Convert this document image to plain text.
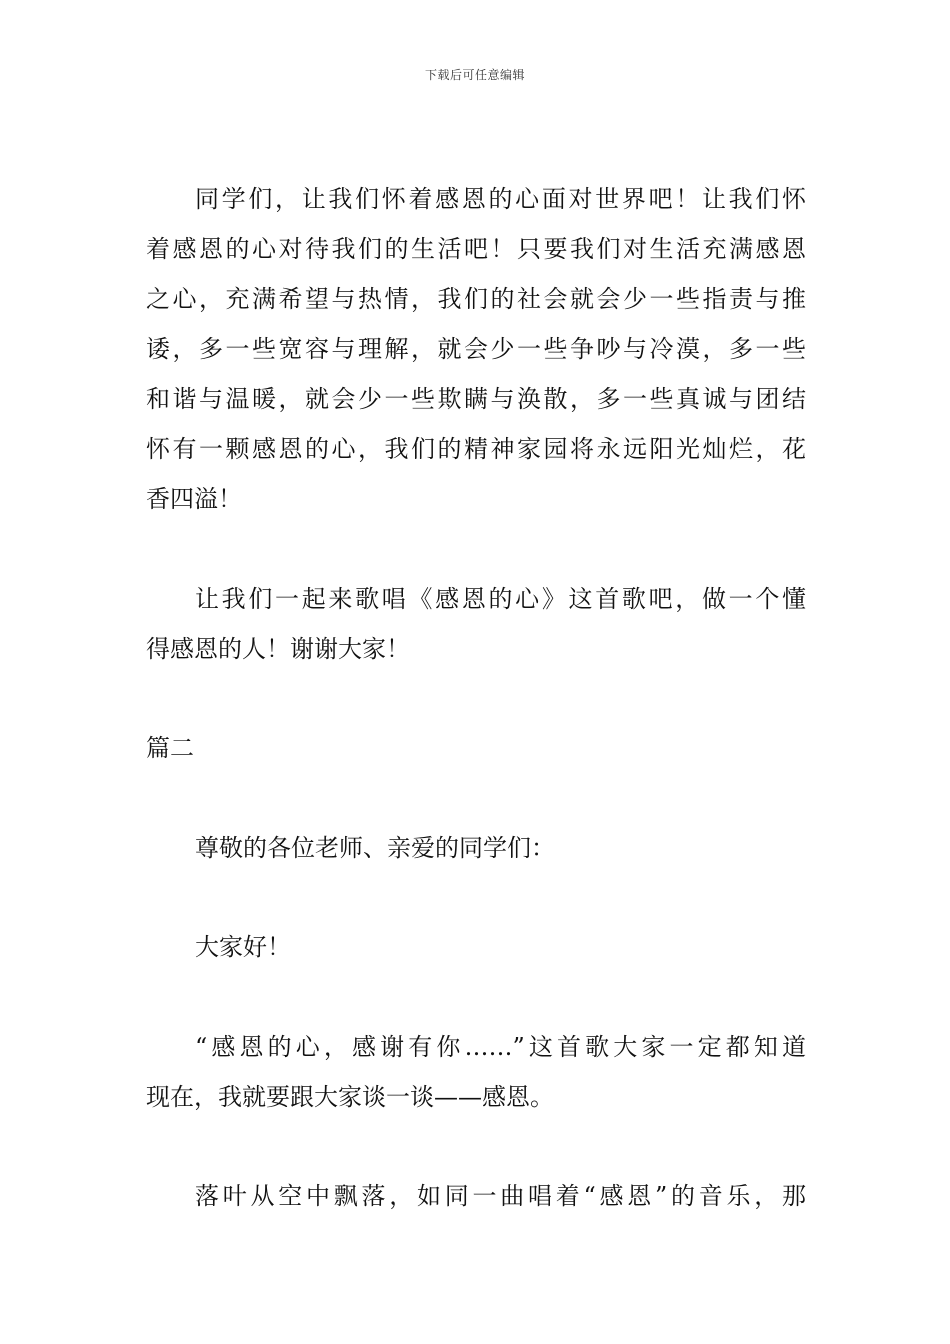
下载后可任意编辑
同学们，让我们怀着感恩的心面对世界吧！让我们怀
着感恩的心对待我们的生活吧！只要我们对生活充满感恩
之心，充满希望与热情，我们的社会就会少一些指责与推
诿，多一些宽容与理解，就会少一些争吵与冷漠，多一些
和谐与温暖，就会少一些欺瞒与涣散，多一些真诚与团结
怀有一颗感恩的心，我们的精神家园将永远阳光灿烂，花
香四溢！
让我们一起来歌唱《感恩的心》这首歌吧，做一个懂
得感恩的人！谢谢大家！
篇二
尊敬的各位老师、亲爱的同学们：
大家好！
“感恩的心，感谢有你……”这首歌大家一定都知道
现在，我就要跟大家谈一谈——感恩。
落叶从空中飘落，如同一曲唱着“感恩”的音乐，那
